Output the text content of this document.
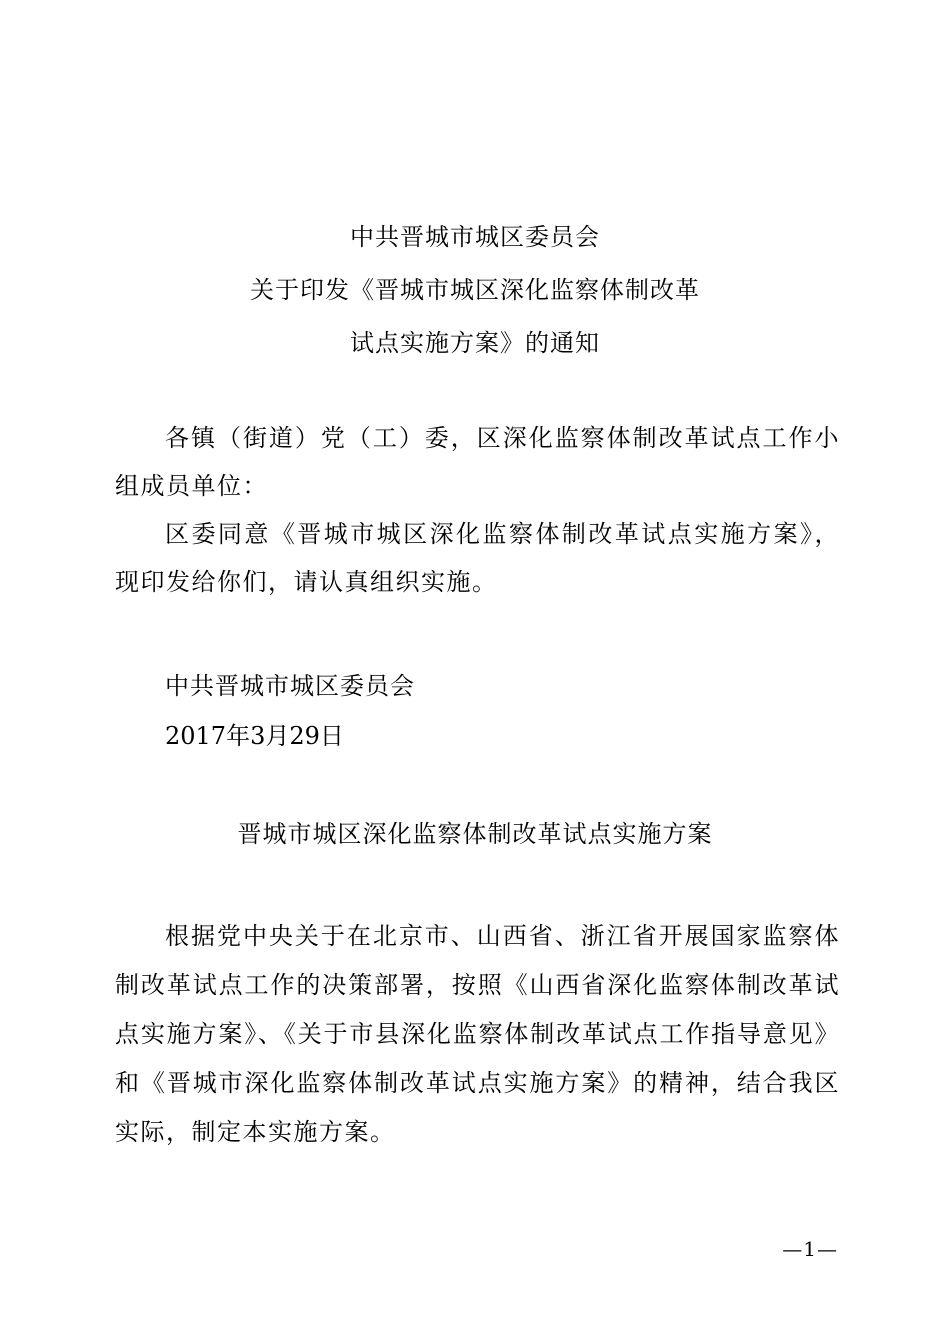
中共晋城市城区委员会
关于印发《晋城市城区深化监察体制改革
试点实施方案》的通知
各镇（街道）党（工）委，区深化监察体制改革试点工作小组成员单位：
区委同意《晋城市城区深化监察体制改革试点实施方案》，现印发给你们，请认真组织实施。
中共晋城市城区委员会
2017年3月29日
晋城市城区深化监察体制改革试点实施方案
根据党中央关于在北京市、山西省、浙江省开展国家监察体制改革试点工作的决策部署，按照《山西省深化监察体制改革试点实施方案》、《关于市县深化监察体制改革试点工作指导意见》和《晋城市深化监察体制改革试点实施方案》的精神，结合我区实际，制定本实施方案。
—1—
